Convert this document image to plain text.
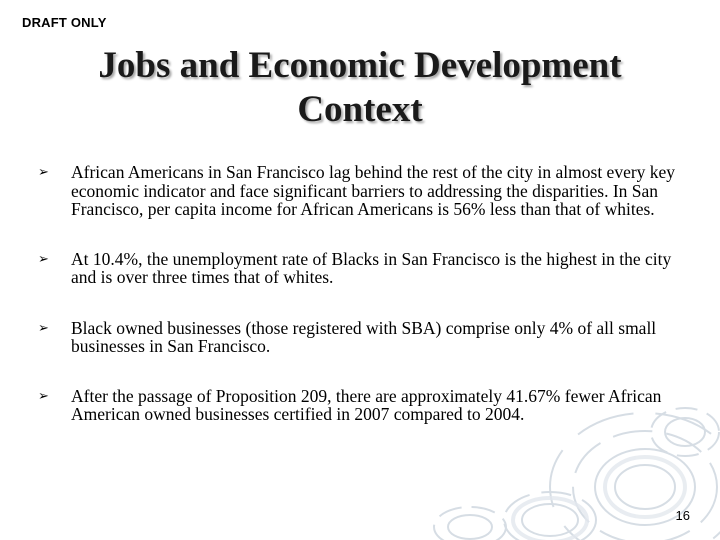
DRAFT ONLY
Jobs and Economic Development Context
➢ African Americans in San Francisco lag behind the rest of the city in almost every key economic indicator and face significant barriers to addressing the disparities. In San Francisco, per capita income for African Americans is 56% less than that of whites.
➢ At 10.4%, the unemployment rate of Blacks in San Francisco is the highest in the city and is over three times that of whites.
➢ Black owned businesses (those registered with SBA) comprise only 4% of all small businesses in San Francisco.
➢ After the passage of Proposition 209, there are approximately 41.67% fewer African American owned businesses certified in 2007 compared to 2004.
16
